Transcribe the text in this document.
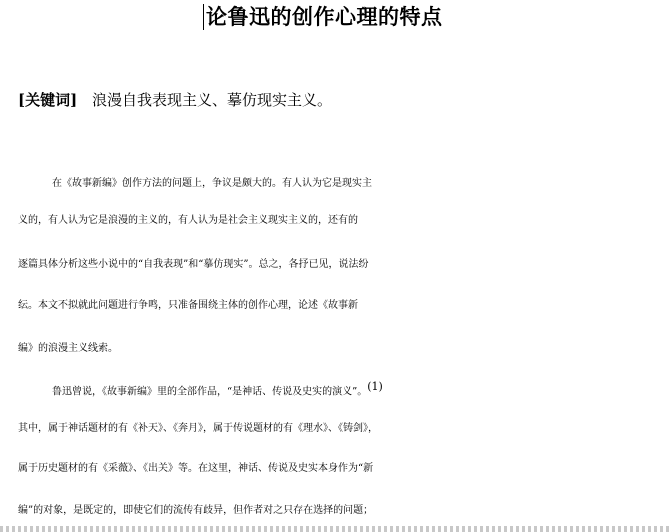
论鲁迅的创作心理的特点
[关键词] 浪漫自我表现主义、摹仿现实主义。
在《故事新编》创作方法的问题上，争议是颇大的。有人认为它是现实主
义的，有人认为它是浪漫的主义的，有人认为是社会主义现实主义的，还有的
逐篇具体分析这些小说中的“自我表现”和“摹仿现实”。总之，各抒已见，说法纷
纭。本文不拟就此问题进行争鸣，只准备围绕主体的创作心理，论述《故事新
编》的浪漫主义线索。
鲁迅曾说，《故事新编》里的全部作品，“是神话、传说及史实的演义”。$^{(1)}$
其中，属于神话题材的有《补天》、《奔月》，属于传说题材的有《理水》、《铸剑》，
属于历史题材的有《采薇》、《出关》等。在这里，神话、传说及史实本身作为“新
编”的对象，是既定的，即使它们的流传有歧异，但作者对之只存在选择的问题；
